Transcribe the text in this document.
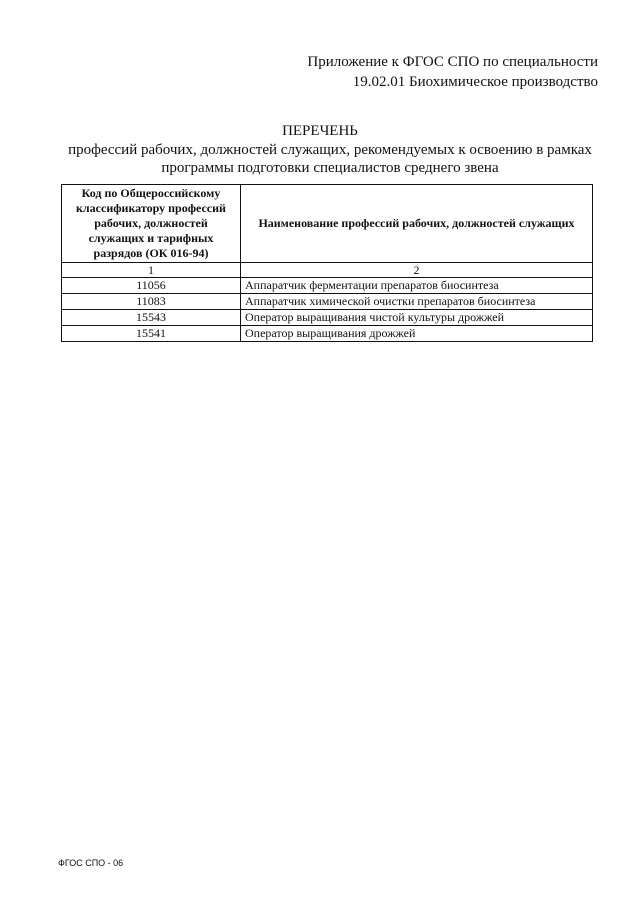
Приложение к ФГОС СПО по специальности
19.02.01 Биохимическое производство
ПЕРЕЧЕНЬ
профессий рабочих, должностей служащих, рекомендуемых к освоению в рамках программы подготовки специалистов среднего звена
Код по Общероссийскому классификатору профессий рабочих, должностей служащих и тарифных разрядов (ОК 016-94)	Наименование профессий рабочих, должностей служащих
1	2
11056	Аппаратчик ферментации препаратов биосинтеза
11083	Аппаратчик химической очистки препаратов биосинтеза
15543	Оператор выращивания чистой культуры дрожжей
15541	Оператор выращивания дрожжей
ФГОС СПО - 06
